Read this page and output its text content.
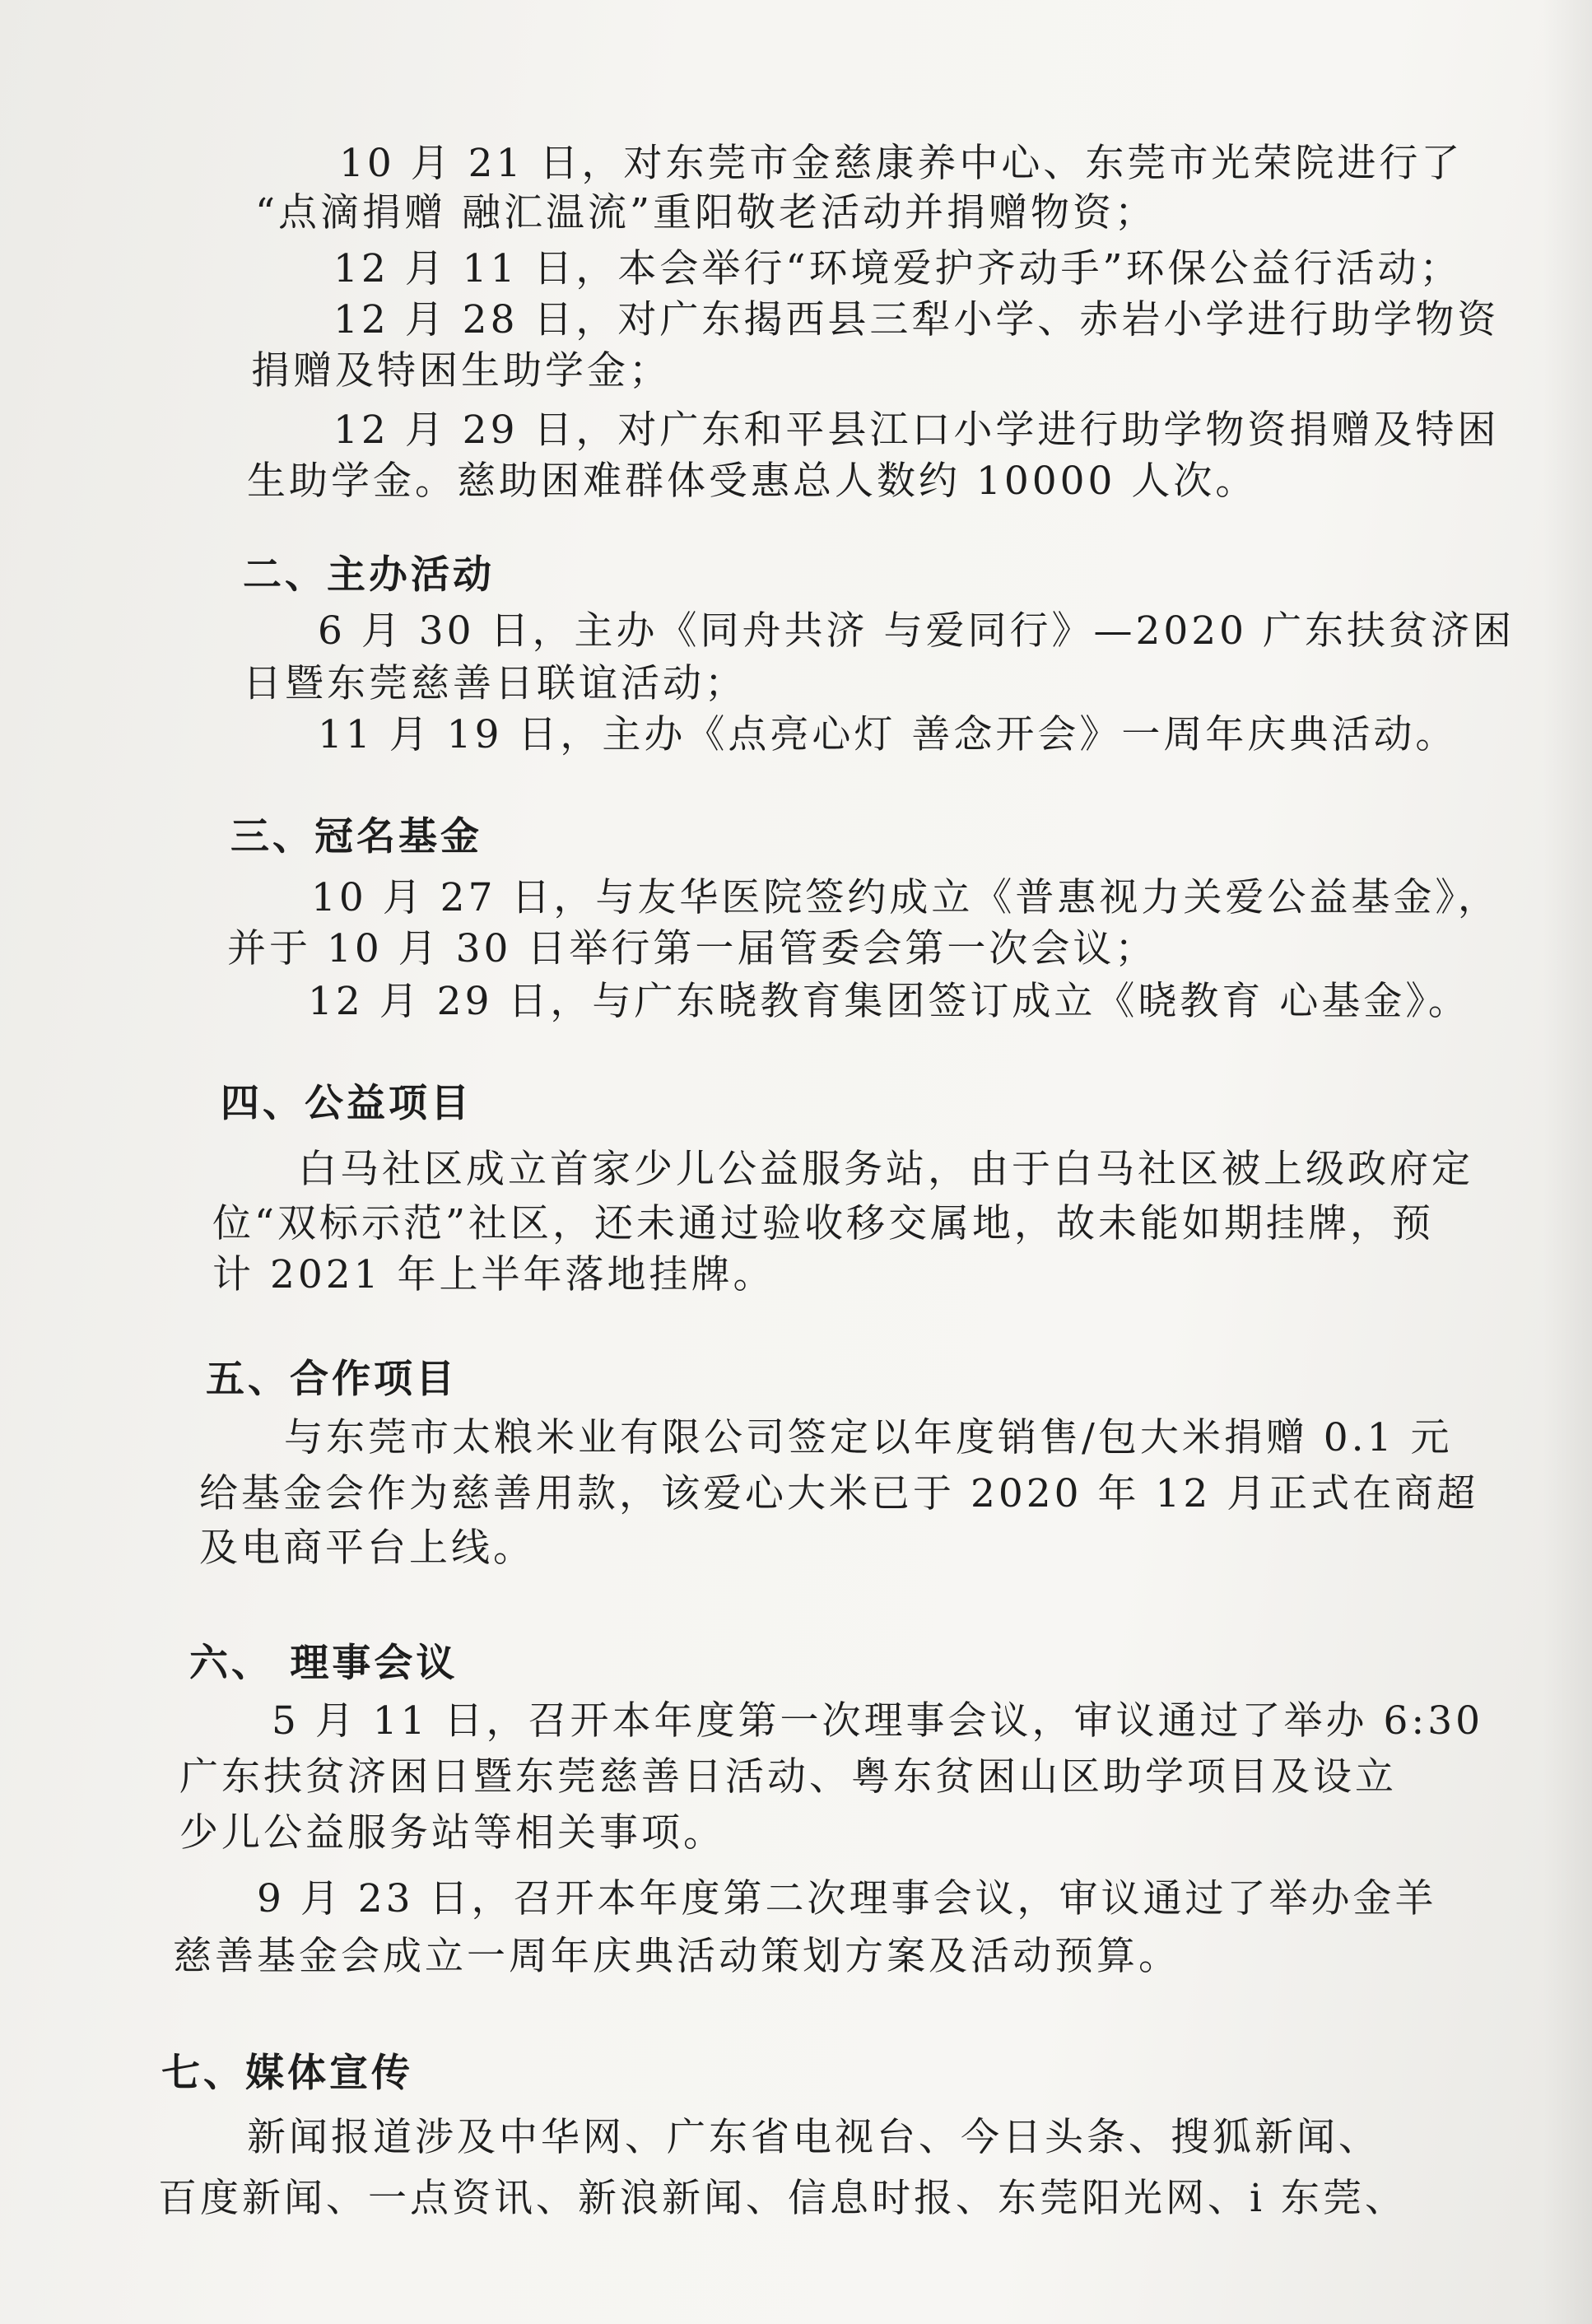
10 月 21 日，对东莞市金慈康养中心、东莞市光荣院进行了
“点滴捐赠 融汇温流”重阳敬老活动并捐赠物资；
12 月 11 日，本会举行“环境爱护齐动手”环保公益行活动；
12 月 28 日，对广东揭西县三犁小学、赤岩小学进行助学物资
捐赠及特困生助学金；
12 月 29 日，对广东和平县江口小学进行助学物资捐赠及特困
生助学金。慈助困难群体受惠总人数约 10000 人次。
二、主办活动
6 月 30 日，主办《同舟共济 与爱同行》—2020 广东扶贫济困
日暨东莞慈善日联谊活动；
11 月 19 日，主办《点亮心灯 善念开会》一周年庆典活动。
三、冠名基金
10 月 27 日，与友华医院签约成立《普惠视力关爱公益基金》，
并于 10 月 30 日举行第一届管委会第一次会议；
12 月 29 日，与广东晓教育集团签订成立《晓教育 心基金》。
四、公益项目
白马社区成立首家少儿公益服务站，由于白马社区被上级政府定
位“双标示范”社区，还未通过验收移交属地，故未能如期挂牌，预
计 2021 年上半年落地挂牌。
五、合作项目
与东莞市太粮米业有限公司签定以年度销售/包大米捐赠 0.1 元
给基金会作为慈善用款，该爱心大米已于 2020 年 12 月正式在商超
及电商平台上线。
六、 理事会议
5 月 11 日，召开本年度第一次理事会议，审议通过了举办 6:30
广东扶贫济困日暨东莞慈善日活动、粤东贫困山区助学项目及设立
少儿公益服务站等相关事项。
9 月 23 日，召开本年度第二次理事会议，审议通过了举办金羊
慈善基金会成立一周年庆典活动策划方案及活动预算。
七、媒体宣传
新闻报道涉及中华网、广东省电视台、今日头条、搜狐新闻、
百度新闻、一点资讯、新浪新闻、信息时报、东莞阳光网、i 东莞、
